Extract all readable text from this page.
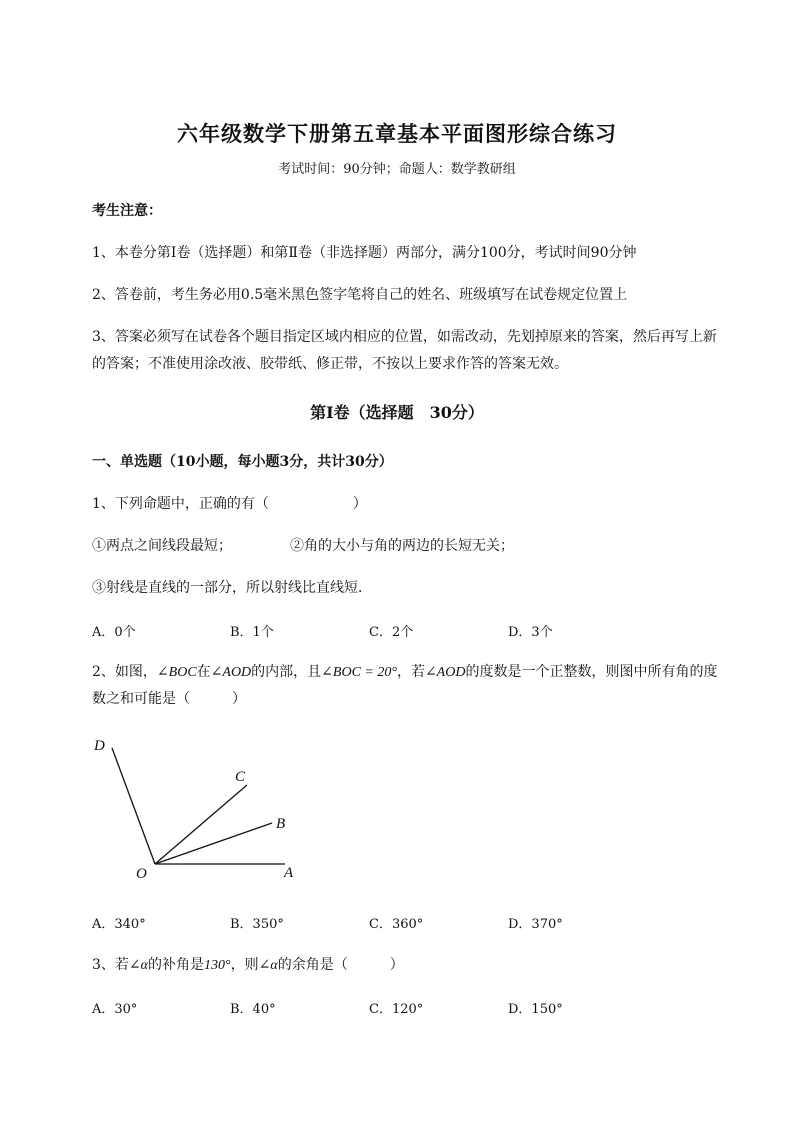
六年级数学下册第五章基本平面图形综合练习
考试时间：90分钟；命题人：数学教研组
考生注意：
1、本卷分第Ⅰ卷（选择题）和第Ⅱ卷（非选择题）两部分，满分100分，考试时间90分钟
2、答卷前，考生务必用0.5毫米黑色签字笔将自己的姓名、班级填写在试卷规定位置上
3、答案必须写在试卷各个题目指定区域内相应的位置，如需改动，先划掉原来的答案，然后再写上新
的答案；不准使用涂改液、胶带纸、修正带，不按以上要求作答的答案无效。
第Ⅰ卷（选择题　30分）
一、单选题（10小题，每小题3分，共计30分）
1、下列命题中，正确的有（　　　　　　）
①两点之间线段最短；	②角的大小与角的两边的长短无关；
③射线是直线的一部分，所以射线比直线短．
A．0个	B．1个	C．2个	D．3个
2、如图，∠BOC在∠AOD的内部，且∠BOC = 20°，若∠AOD的度数是一个正整数，则图中所有角的度
数之和可能是（　　　）
D
C
B
O	A
A．340°	B．350°	C．360°	D．370°
3、若∠α的补角是130°，则∠α的余角是（　　　）
A．30°	B．40°	C．120°	D．150°
